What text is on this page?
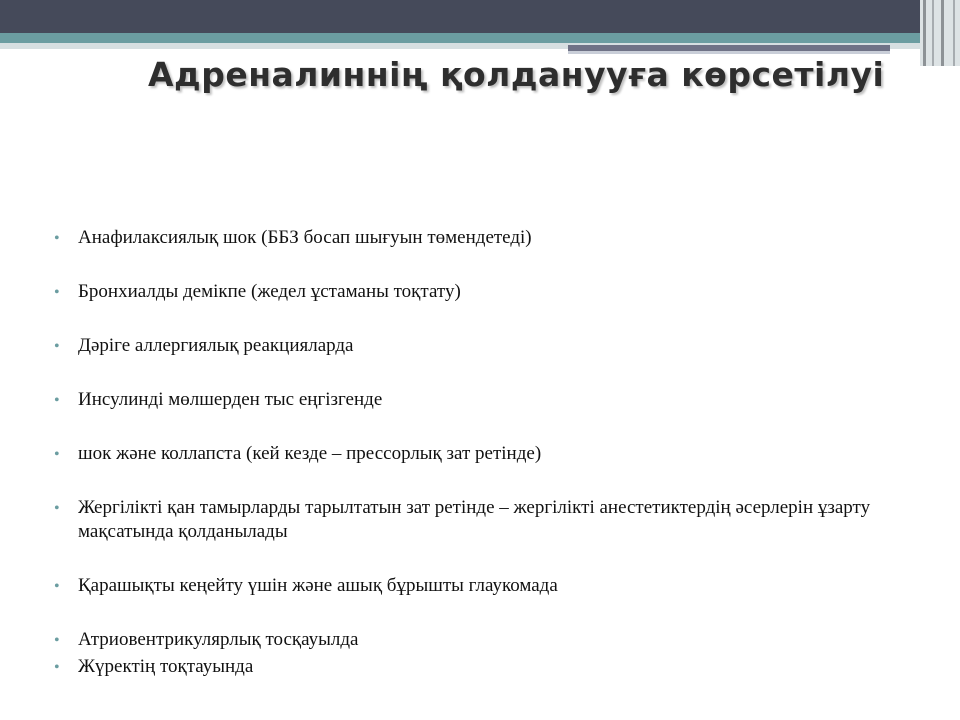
Адреналиннің қолданууға көрсетілуі
• Анафилаксиялық шок (ББЗ босап шығуын төмендетеді)
• Бронхиалды демікпе (жедел ұстаманы тоқтату)
• Дәріге аллергиялық реакцияларда
• Инсулинді мөлшерден тыс еңгізгенде
• шок және коллапста (кей кезде – прессорлық зат ретінде)
• Жергілікті қан тамырларды тарылтатын зат ретінде – жергілікті анестетиктердің әсерлерін ұзарту мақсатында қолданылады
• Қарашықты кеңейту үшін және ашық бұрышты глаукомада
• Атриовентрикулярлық тосқауылда
• Жүректің тоқтауында
